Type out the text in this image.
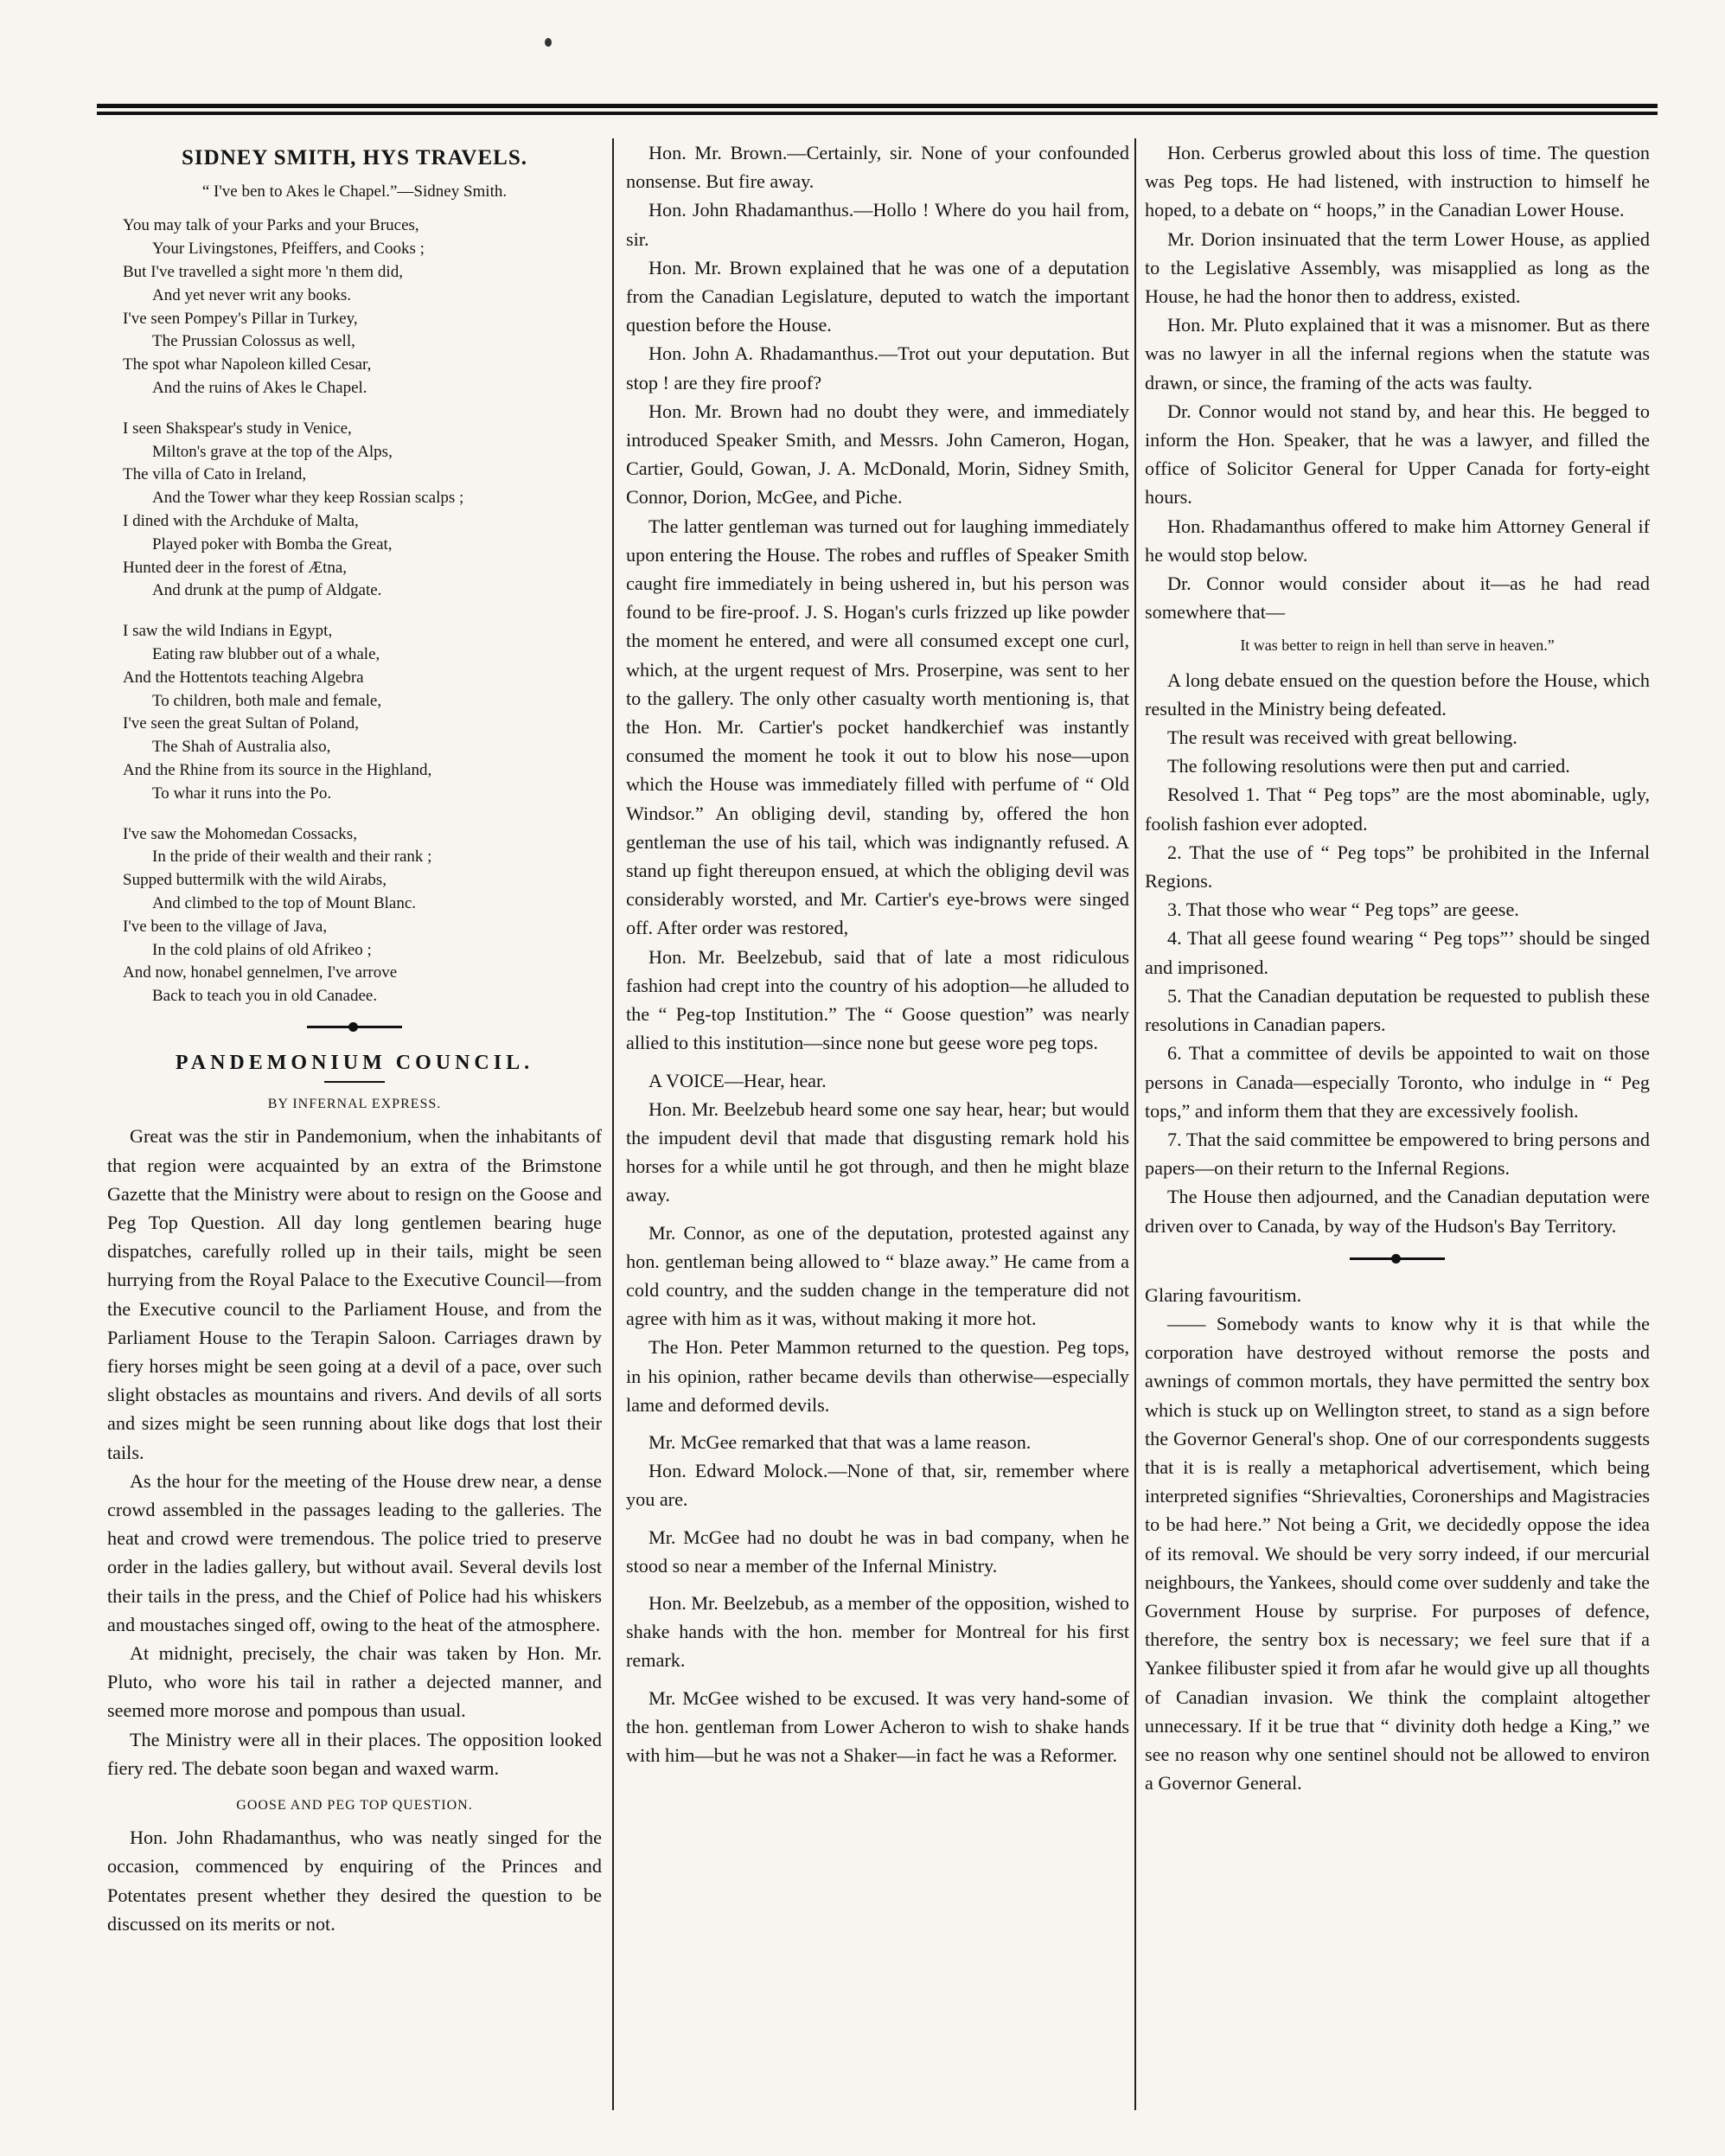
SIDNEY SMITH, HYS TRAVELS.

“ I've ben to Akes le Chapel.”—Sidney Smith.

You may talk of your Parks and your Bruces,
Your Livingstones, Pfeiffers, and Cooks ;
But I've travelled a sight more 'n them did,
And yet never writ any books.
I've seen Pompey's Pillar in Turkey,
The Prussian Colossus as well,
The spot whar Napoleon killed Cesar,
And the ruins of Akes le Chapel.
I seen Shakspear's study in Venice,
Milton's grave at the top of the Alps,
The villa of Cato in Ireland,
And the Tower whar they keep Rossian scalps ;
I dined with the Archduke of Malta,
Played poker with Bomba the Great,
Hunted deer in the forest of Ætna,
And drunk at the pump of Aldgate.
I saw the wild Indians in Egypt,
Eating raw blubber out of a whale,
And the Hottentots teaching Algebra
To children, both male and female,
I've seen the great Sultan of Poland,
The Shah of Australia also,
And the Rhine from its source in the Highland,
To whar it runs into the Po.
I've saw the Mohomedan Cossacks,
In the pride of their wealth and their rank ;
Supped buttermilk with the wild Airabs,
And climbed to the top of Mount Blanc.
I've been to the village of Java,
In the cold plains of old Afrikeo ;
And now, honabel gennelmen, I've arrove
Back to teach you in old Canadee.

PANDEMONIUM COUNCIL.

BY INFERNAL EXPRESS.

Great was the stir in Pandemonium, when the inhabitants of that region were acquainted by an extra of the Brimstone Gazette that the Ministry were about to resign on the Goose and Peg Top Question. All day long gentlemen bearing huge dispatches, carefully rolled up in their tails, might be seen hurrying from the Royal Palace to the Executive Council—from the Executive council to the Parliament House, and from the Parliament House to the Terapin Saloon. Carriages drawn by fiery horses might be seen going at a devil of a pace, over such slight obstacles as mountains and rivers. And devils of all sorts and sizes might be seen running about like dogs that lost their tails.

As the hour for the meeting of the House drew near, a dense crowd assembled in the passages leading to the galleries. The heat and crowd were tremendous. The police tried to preserve order in the ladies gallery, but without avail. Several devils lost their tails in the press, and the Chief of Police had his whiskers and moustaches singed off, owing to the heat of the atmosphere.

At midnight, precisely, the chair was taken by Hon. Mr. Pluto, who wore his tail in rather a dejected manner, and seemed more morose and pompous than usual.

The Ministry were all in their places. The opposition looked fiery red. The debate soon began and waxed warm.

GOOSE AND PEG TOP QUESTION.

Hon. John Rhadamanthus, who was neatly singed for the occasion, commenced by enquiring of the Princes and Potentates present whether they desired the question to be discussed on its merits or not.

Hon. Mr. Brown.—Certainly, sir. None of your confounded nonsense. But fire away.

Hon. John Rhadamanthus.—Hollo ! Where do you hail from, sir.

Hon. Mr. Brown explained that he was one of a deputation from the Canadian Legislature, deputed to watch the important question before the House.

Hon. John A. Rhadamanthus.—Trot out your deputation. But stop ! are they fire proof?

Hon. Mr. Brown had no doubt they were, and immediately introduced Speaker Smith, and Messrs. John Cameron, Hogan, Cartier, Gould, Gowan, J. A. McDonald, Morin, Sidney Smith, Connor, Dorion, McGee, and Piche.

The latter gentleman was turned out for laughing immediately upon entering the House. The robes and ruffles of Speaker Smith caught fire immediately in being ushered in, but his person was found to be fire-proof. J. S. Hogan's curls frizzed up like powder the moment he entered, and were all consumed except one curl, which, at the urgent request of Mrs. Proserpine, was sent to her to the gallery. The only other casualty worth mentioning is, that the Hon. Mr. Cartier's pocket handkerchief was instantly consumed the moment he took it out to blow his nose—upon which the House was immediately filled with perfume of “ Old Windsor.” An obliging devil, standing by, offered the hon gentleman the use of his tail, which was indignantly refused. A stand up fight thereupon ensued, at which the obliging devil was considerably worsted, and Mr. Cartier's eye-brows were singed off. After order was restored,

Hon. Mr. Beelzebub, said that of late a most ridiculous fashion had crept into the country of his adoption—he alluded to the “ Peg-top Institution.” The “ Goose question” was nearly allied to this institution—since none but geese wore peg tops.

A VOICE—Hear, hear.

Hon. Mr. Beelzebub heard some one say hear, hear; but would the impudent devil that made that disgusting remark hold his horses for a while until he got through, and then he might blaze away.

Mr. Connor, as one of the deputation, protested against any hon. gentleman being allowed to “ blaze away.” He came from a cold country, and the sudden change in the temperature did not agree with him as it was, without making it more hot.

The Hon. Peter Mammon returned to the question. Peg tops, in his opinion, rather became devils than otherwise—especially lame and deformed devils.

Mr. McGee remarked that that was a lame reason.

Hon. Edward Molock.—None of that, sir, remember where you are.

Mr. McGee had no doubt he was in bad company, when he stood so near a member of the Infernal Ministry.

Hon. Mr. Beelzebub, as a member of the opposition, wished to shake hands with the hon. member for Montreal for his first remark.

Mr. McGee wished to be excused. It was very hand-some of the hon. gentleman from Lower Acheron to wish to shake hands with him—but he was not a Shaker—in fact he was a Reformer.

Hon. Cerberus growled about this loss of time. The question was Peg tops. He had listened, with instruction to himself he hoped, to a debate on “ hoops,” in the Canadian Lower House.

Mr. Dorion insinuated that the term Lower House, as applied to the Legislative Assembly, was misapplied as long as the House, he had the honor then to address, existed.

Hon. Mr. Pluto explained that it was a misnomer. But as there was no lawyer in all the infernal regions when the statute was drawn, or since, the framing of the acts was faulty.

Dr. Connor would not stand by, and hear this. He begged to inform the Hon. Speaker, that he was a lawyer, and filled the office of Solicitor General for Upper Canada for forty-eight hours.

Hon. Rhadamanthus offered to make him Attorney General if he would stop below.

Dr. Connor would consider about it—as he had read somewhere that—

It was better to reign in hell than serve in heaven.”

A long debate ensued on the question before the House, which resulted in the Ministry being defeated.

The result was received with great bellowing.

The following resolutions were then put and carried.

Resolved 1. That “ Peg tops” are the most abominable, ugly, foolish fashion ever adopted.

2. That the use of “ Peg tops” be prohibited in the Infernal Regions.

3. That those who wear “ Peg tops” are geese.

4. That all geese found wearing “ Peg tops”’ should be singed and imprisoned.

5. That the Canadian deputation be requested to publish these resolutions in Canadian papers.

6. That a committee of devils be appointed to wait on those persons in Canada—especially Toronto, who indulge in “ Peg tops,” and inform them that they are excessively foolish.

7. That the said committee be empowered to bring persons and papers—on their return to the Infernal Regions.

The House then adjourned, and the Canadian deputation were driven over to Canada, by way of the Hudson's Bay Territory.

Glaring favouritism.

—— Somebody wants to know why it is that while the corporation have destroyed without remorse the posts and awnings of common mortals, they have permitted the sentry box which is stuck up on Wellington street, to stand as a sign before the Governor General's shop. One of our correspondents suggests that it is is really a metaphorical advertisement, which being interpreted signifies “Shrievalties, Coronerships and Magistracies to be had here.” Not being a Grit, we decidedly oppose the idea of its removal. We should be very sorry indeed, if our mercurial neighbours, the Yankees, should come over suddenly and take the Government House by surprise. For purposes of defence, therefore, the sentry box is necessary; we feel sure that if a Yankee filibuster spied it from afar he would give up all thoughts of Canadian invasion. We think the complaint altogether unnecessary. If it be true that “ divinity doth hedge a King,” we see no reason why one sentinel should not be allowed to environ a Governor General.
